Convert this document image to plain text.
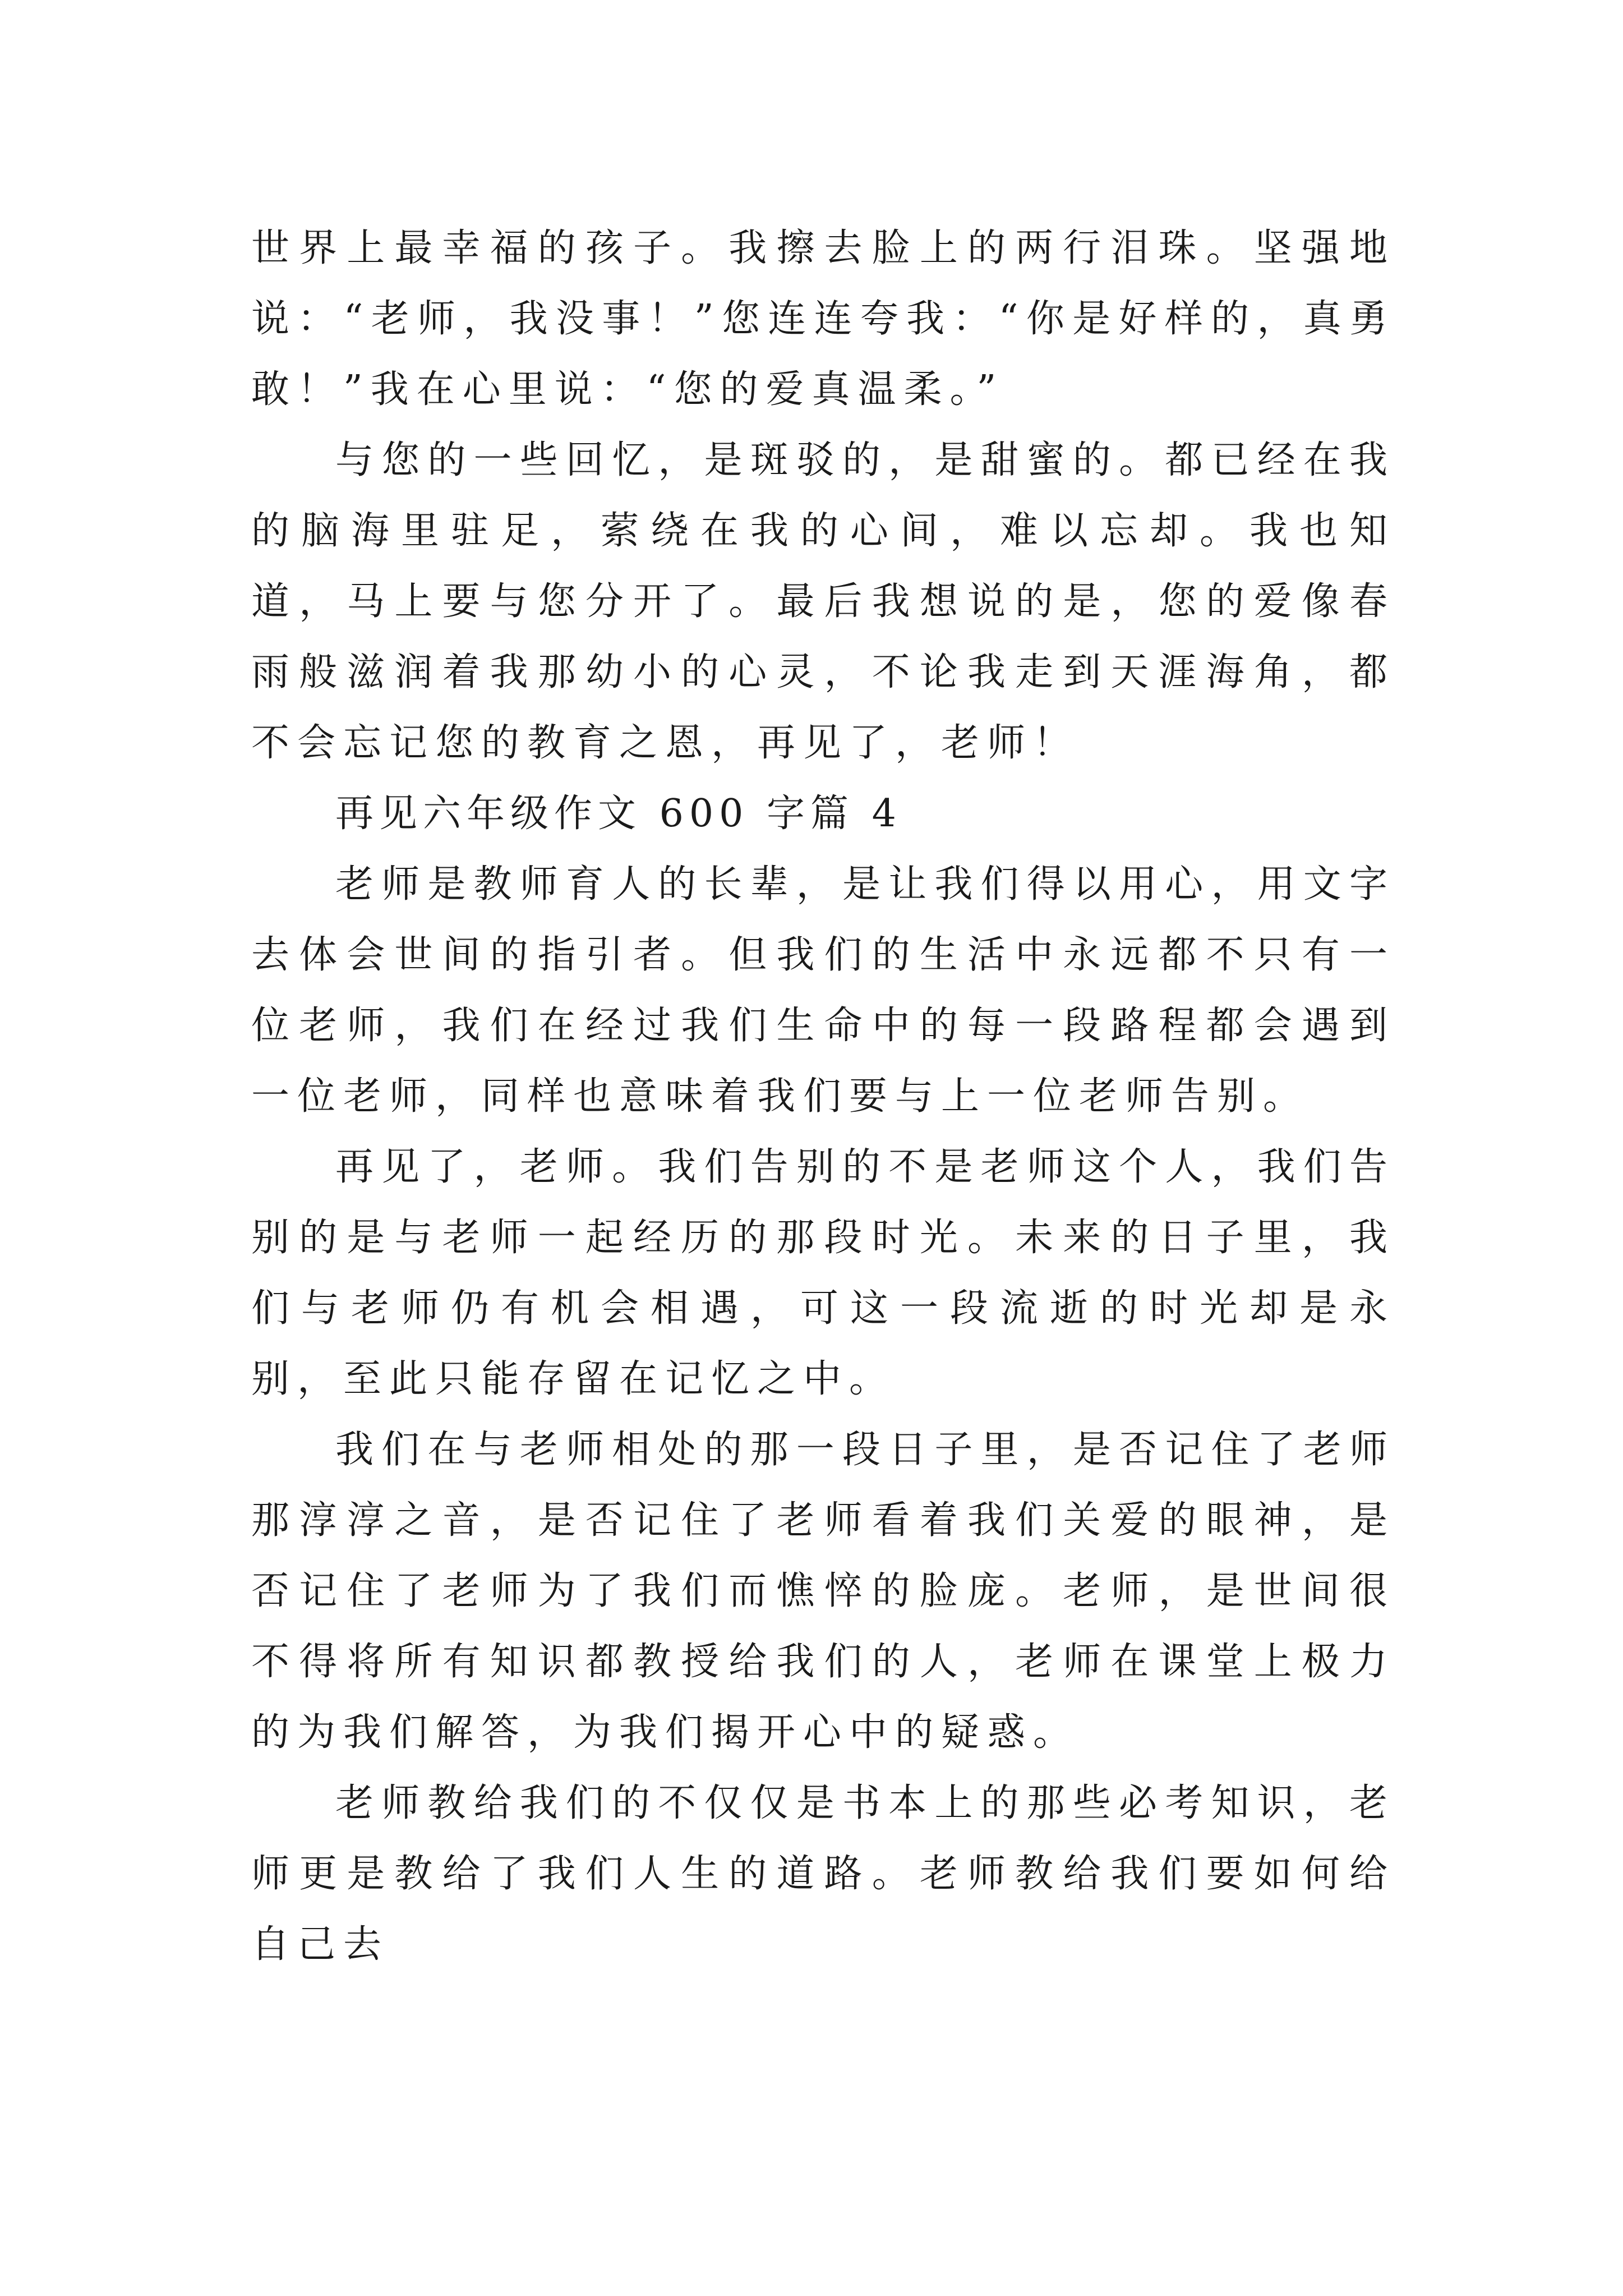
世界上最幸福的孩子。我擦去脸上的两行泪珠。坚强地说：“老师，我没事！”您连连夸我：“你是好样的，真勇敢！”我在心里说：“您的爱真温柔。”

与您的一些回忆，是斑驳的，是甜蜜的。都已经在我的脑海里驻足，萦绕在我的心间，难以忘却。我也知道，马上要与您分开了。最后我想说的是，您的爱像春雨般滋润着我那幼小的心灵，不论我走到天涯海角，都不会忘记您的教育之恩，再见了，老师！

再见六年级作文 600 字篇 4

老师是教师育人的长辈，是让我们得以用心，用文字去体会世间的指引者。但我们的生活中永远都不只有一位老师，我们在经过我们生命中的每一段路程都会遇到一位老师，同样也意味着我们要与上一位老师告别。

再见了，老师。我们告别的不是老师这个人，我们告别的是与老师一起经历的那段时光。未来的日子里，我们与老师仍有机会相遇，可这一段流逝的时光却是永别，至此只能存留在记忆之中。

我们在与老师相处的那一段日子里，是否记住了老师那淳淳之音，是否记住了老师看着我们关爱的眼神，是否记住了老师为了我们而憔悴的脸庞。老师，是世间很不得将所有知识都教授给我们的人，老师在课堂上极力的为我们解答，为我们揭开心中的疑惑。

老师教给我们的不仅仅是书本上的那些必考知识，老师更是教给了我们人生的道路。老师教给我们要如何给自己去
